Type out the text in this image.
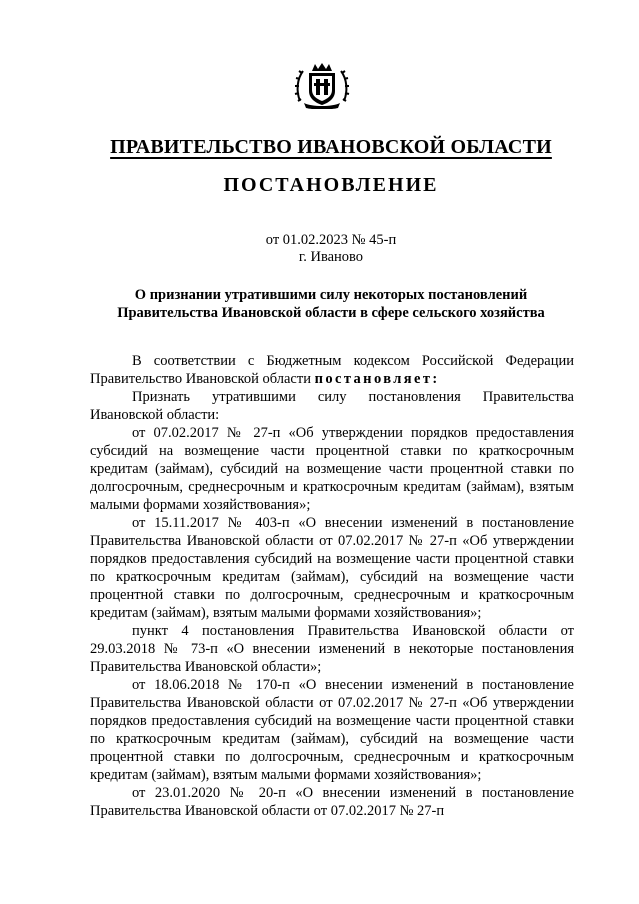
ПРАВИТЕЛЬСТВО ИВАНОВСКОЙ ОБЛАСТИ
ПОСТАНОВЛЕНИЕ
от 01.02.2023 № 45-п
г. Иваново
О признании утратившими силу некоторых постановлений
Правительства Ивановской области в сфере сельского хозяйства

В соответствии с Бюджетным кодексом Российской Федерации Правительство Ивановской области постановляет:

Признать утратившими силу постановления Правительства Ивановской области:

от 07.02.2017 № 27-п «Об утверждении порядков предоставления субсидий на возмещение части процентной ставки по краткосрочным кредитам (займам), субсидий на возмещение части процентной ставки по долгосрочным, среднесрочным и краткосрочным кредитам (займам), взятым малыми формами хозяйствования»;

от 15.11.2017 № 403-п «О внесении изменений в постановление Правительства Ивановской области от 07.02.2017 № 27-п «Об утверждении порядков предоставления субсидий на возмещение части процентной ставки по краткосрочным кредитам (займам), субсидий на возмещение части процентной ставки по долгосрочным, среднесрочным и краткосрочным кредитам (займам), взятым малыми формами хозяйствования»;

пункт 4 постановления Правительства Ивановской области от 29.03.2018 № 73-п «О внесении изменений в некоторые постановления Правительства Ивановской области»;

от 18.06.2018 № 170-п «О внесении изменений в постановление Правительства Ивановской области от 07.02.2017 № 27-п «Об утверждении порядков предоставления субсидий на возмещение части процентной ставки по краткосрочным кредитам (займам), субсидий на возмещение части процентной ставки по долгосрочным, среднесрочным и краткосрочным кредитам (займам), взятым малыми формами хозяйствования»;

от 23.01.2020 № 20-п «О внесении изменений в постановление Правительства Ивановской области от 07.02.2017 № 27-п
